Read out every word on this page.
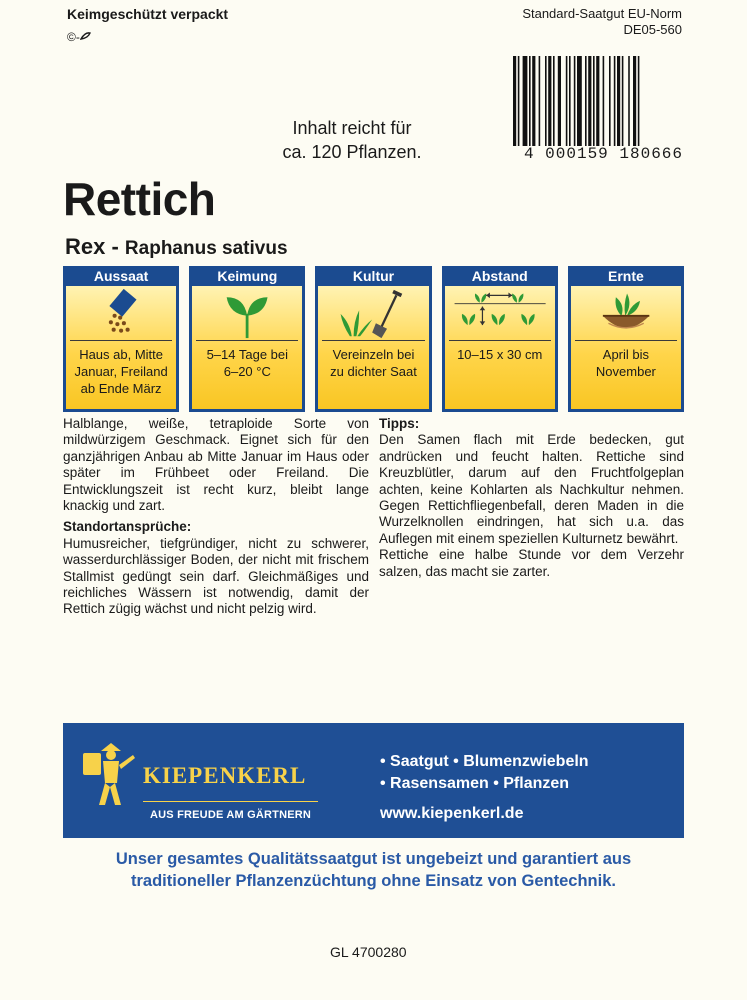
Keimgeschützt verpackt
©-
Standard-Saatgut EU-Norm
DE05-560
4 000159 180666
Inhalt reicht für
ca. 120 Pflanzen.
Rettich
Rex - Raphanus sativus
Aussaat
Haus ab, Mitte
Januar, Freiland
ab Ende März
Keimung
5–14 Tage bei
6–20 °C
Kultur
Vereinzeln bei
zu dichter Saat
Abstand
10–15 x 30 cm
Ernte
April bis
November

Halblange, weiße, tetraploide Sorte von mildwürzigem Geschmack. Eignet sich für den ganzjährigen Anbau ab Mitte Januar im Haus oder später im Frühbeet oder Freiland. Die Entwicklungszeit ist recht kurz, bleibt lange knackig und zart.

Standortansprüche:

Humusreicher, tiefgründiger, nicht zu schwerer, wasserdurchlässiger Boden, der nicht mit frischem Stallmist gedüngt sein darf. Gleichmäßiges und reichliches Wässern ist notwendig, damit der Rettich zügig wächst und nicht pelzig wird.

Tipps:

Den Samen flach mit Erde bedecken, gut andrücken und feucht halten. Rettiche sind Kreuzblütler, darum auf den Fruchtfolgeplan achten, keine Kohlarten als Nachkultur nehmen. Gegen Rettichfliegenbefall, deren Maden in die Wurzelknollen eindringen, hat sich u.a. das Auflegen mit einem speziellen Kulturnetz bewährt.

Rettiche eine halbe Stunde vor dem Verzehr salzen, das macht sie zarter.

KIEPENKERL
AUS FREUDE AM GÄRTNERN
• Saatgut • Blumenzwiebeln
• Rasensamen • Pflanzen
www.kiepenkerl.de
Unser gesamtes Qualitätssaatgut ist ungebeizt und garantiert aus
traditioneller Pflanzenzüchtung ohne Einsatz von Gentechnik.
GL 4700280
